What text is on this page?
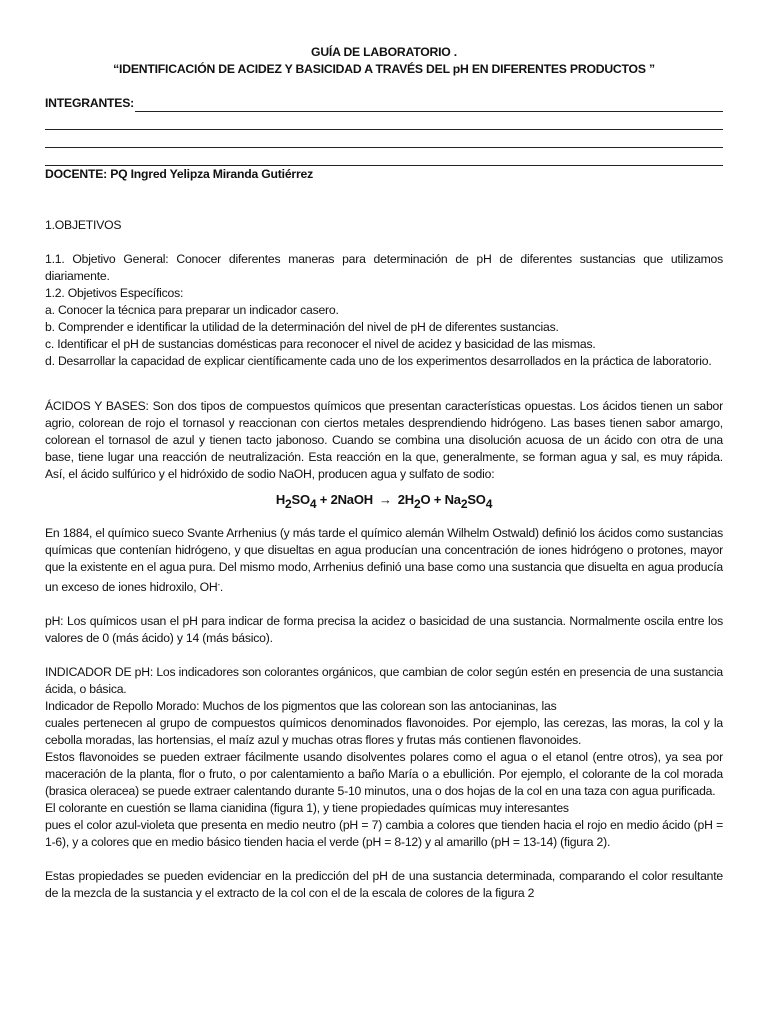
GUÍA DE LABORATORIO .

“IDENTIFICACIÓN DE ACIDEZ Y BASICIDAD A TRAVÉS DEL pH EN DIFERENTES PRODUCTOS ”

INTEGRANTES:

DOCENTE: PQ Ingred Yelipza Miranda Gutiérrez

1.OBJETIVOS

1.1. Objetivo General: Conocer diferentes maneras para determinación de pH de diferentes sustancias que utilizamos diariamente.

1.2. Objetivos Específicos:

a. Conocer la técnica para preparar un indicador casero.

b. Comprender e identificar la utilidad de la determinación del nivel de pH de diferentes sustancias.

c. Identificar el pH de sustancias domésticas para reconocer el nivel de acidez y basicidad de las mismas.

d. Desarrollar la capacidad de explicar científicamente cada uno de los experimentos desarrollados en la práctica de laboratorio.

ÁCIDOS Y BASES: Son dos tipos de compuestos químicos que presentan características opuestas. Los ácidos tienen un sabor agrio, colorean de rojo el tornasol y reaccionan con ciertos metales desprendiendo hidrógeno. Las bases tienen sabor amargo, colorean el tornasol de azul y tienen tacto jabonoso. Cuando se combina una disolución acuosa de un ácido con otra de una base, tiene lugar una reacción de neutralización. Esta reacción en la que, generalmente, se forman agua y sal, es muy rápida. Así, el ácido sulfúrico y el hidróxido de sodio NaOH, producen agua y sulfato de sodio:

$H_2SO_4$ + 2NaOH → $2H_2O + Na_2SO_4$

En 1884, el químico sueco Svante Arrhenius (y más tarde el químico alemán Wilhelm Ostwald) definió los ácidos como sustancias químicas que contenían hidrógeno, y que disueltas en agua producían una concentración de iones hidrógeno o protones, mayor que la existente en el agua pura. Del mismo modo, Arrhenius definió una base como una sustancia que disuelta en agua producía un exceso de iones hidroxilo, OH-.

pH: Los químicos usan el pH para indicar de forma precisa la acidez o basicidad de una sustancia. Normalmente oscila entre los valores de 0 (más ácido) y 14 (más básico).

INDICADOR DE pH: Los indicadores son colorantes orgánicos, que cambian de color según estén en presencia de una sustancia ácida, o básica.

Indicador de Repollo Morado: Muchos de los pigmentos que las colorean son las antocianinas, las

cuales pertenecen al grupo de compuestos químicos denominados flavonoides. Por ejemplo, las cerezas, las moras, la col y la cebolla moradas, las hortensias, el maíz azul y muchas otras flores y frutas más contienen flavonoides.

Estos flavonoides se pueden extraer fácilmente usando disolventes polares como el agua o el etanol (entre otros), ya sea por maceración de la planta, flor o fruto, o por calentamiento a baño María o a ebullición. Por ejemplo, el colorante de la col morada (brasica oleracea) se puede extraer calentando durante 5-10 minutos, una o dos hojas de la col en una taza con agua purificada.

El colorante en cuestión se llama cianidina (figura 1), y tiene propiedades químicas muy interesantes

pues el color azul-violeta que presenta en medio neutro (pH = 7) cambia a colores que tienden hacia el rojo en medio ácido (pH = 1-6), y a colores que en medio básico tienden hacia el verde (pH = 8-12) y al amarillo (pH = 13-14) (figura 2).

Estas propiedades se pueden evidenciar en la predicción del pH de una sustancia determinada, comparando el color resultante de la mezcla de la sustancia y el extracto de la col con el de la escala de colores de la figura 2
